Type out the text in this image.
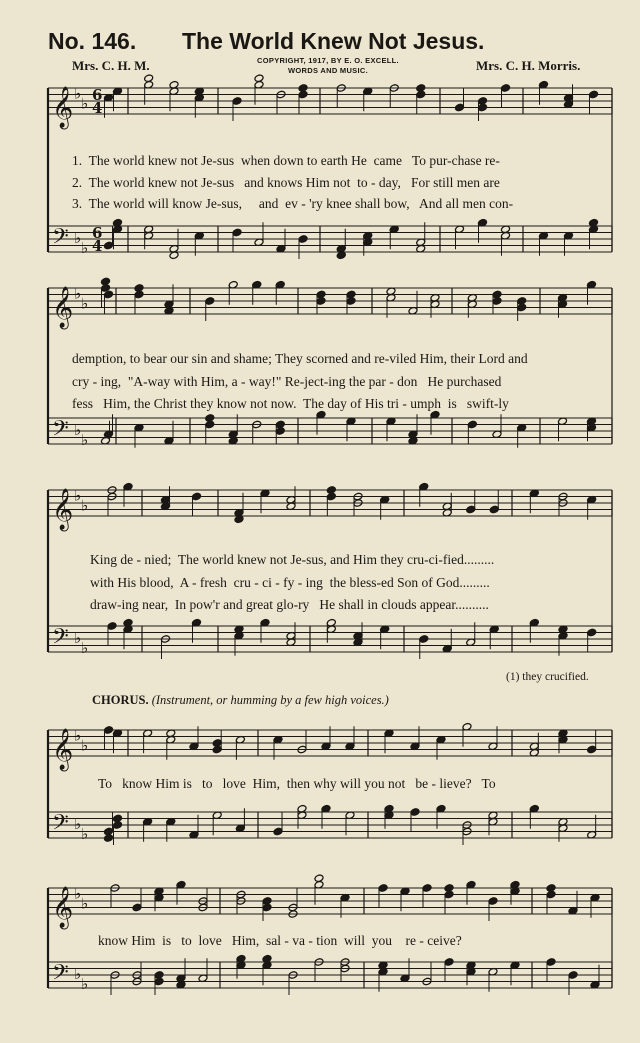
No. 146. The World Knew Not Jesus.
Mrs. C. H. M.	COPYRIGHT, 1917, BY E. O. EXCELL.
WORDS AND MUSIC.	Mrs. C. H. Morris.
𝄞 ♭
♭
𝄢 ♭
♭
𝄞 ♭
♭
𝄢 ♭
♭
𝄞 ♭
♭
𝄢 ♭
♭
𝄞 ♭
♭
𝄢 ♭
♭
𝄞 ♭
♭
𝄢 ♭
♭
6
4
6
4
1.  The world knew not Je-sus  when down to earth He  came   To pur-chase re-
2.  The world knew not Je-sus   and knows Him not  to - day,   For still men are
3.  The world will know Je-sus,     and  ev - 'ry knee shall bow,   And all men con-
demption, to bear our sin and shame; They scorned and re-viled Him, their Lord and
cry - ing,  "A-way with Him, a - way!" Re-ject-ing the par - don   He purchased
fess   Him, the Christ they know not now.  The day of His tri - umph  is   swift-ly
King de - nied;  The world knew not Je-sus, and Him they cru-ci-fied.........
with His blood,  A - fresh  cru - ci - fy - ing  the bless-ed Son of God.........
draw-ing near,  In pow'r and great glo-ry   He shall in clouds appear..........
(1) they crucified.
CHORUS. (Instrument, or humming by a few high voices.)
To   know Him is   to   love  Him,  then why will you not   be - lieve?   To
know Him  is   to  love   Him,  sal - va - tion  will  you    re - ceive?
